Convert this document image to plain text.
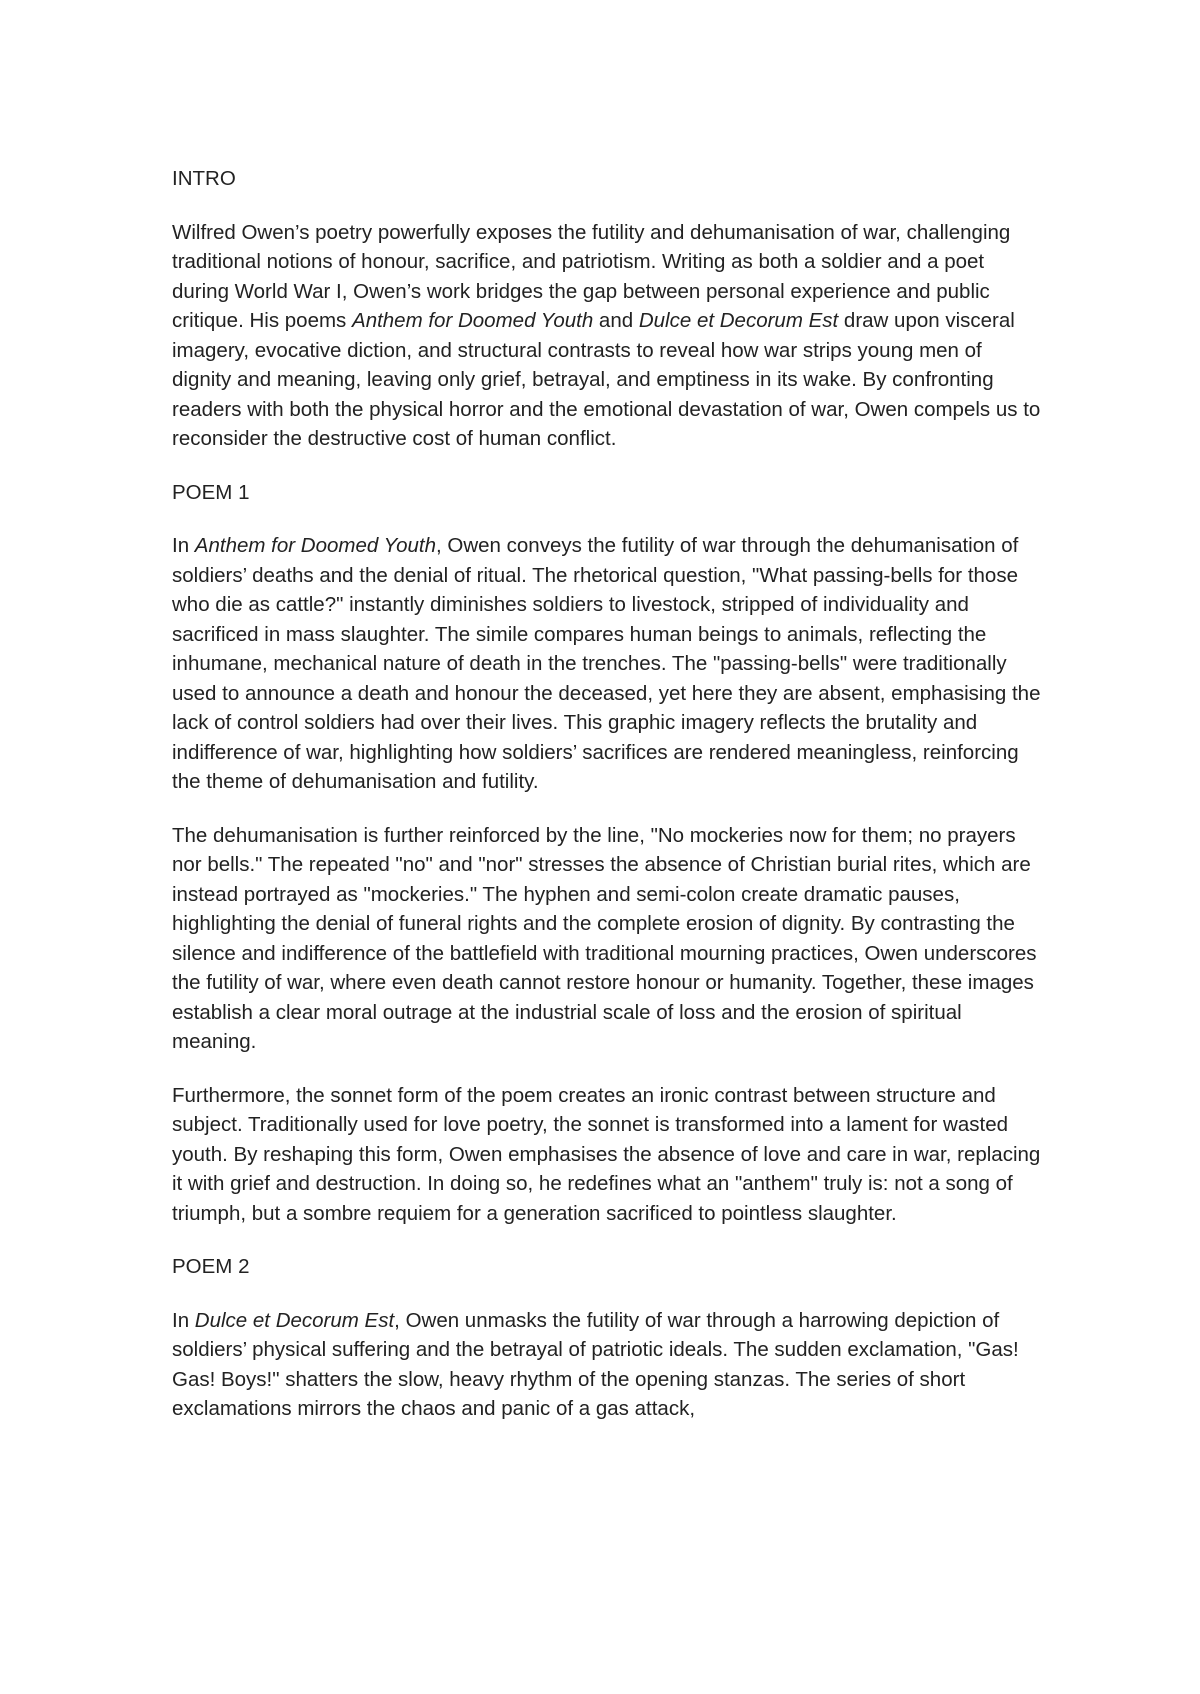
INTRO

Wilfred Owen’s poetry powerfully exposes the futility and dehumanisation of war, challenging traditional notions of honour, sacrifice, and patriotism. Writing as both a soldier and a poet during World War I, Owen’s work bridges the gap between personal experience and public critique. His poems Anthem for Doomed Youth and Dulce et Decorum Est draw upon visceral imagery, evocative diction, and structural contrasts to reveal how war strips young men of dignity and meaning, leaving only grief, betrayal, and emptiness in its wake. By confronting readers with both the physical horror and the emotional devastation of war, Owen compels us to reconsider the destructive cost of human conflict.

POEM 1

In Anthem for Doomed Youth, Owen conveys the futility of war through the dehumanisation of soldiers’ deaths and the denial of ritual. The rhetorical question, "What passing-bells for those who die as cattle?" instantly diminishes soldiers to livestock, stripped of individuality and sacrificed in mass slaughter. The simile compares human beings to animals, reflecting the inhumane, mechanical nature of death in the trenches. The "passing-bells" were traditionally used to announce a death and honour the deceased, yet here they are absent, emphasising the lack of control soldiers had over their lives. This graphic imagery reflects the brutality and indifference of war, highlighting how soldiers’ sacrifices are rendered meaningless, reinforcing the theme of dehumanisation and futility.

The dehumanisation is further reinforced by the line, "No mockeries now for them; no prayers nor bells." The repeated "no" and "nor" stresses the absence of Christian burial rites, which are instead portrayed as "mockeries." The hyphen and semi-colon create dramatic pauses, highlighting the denial of funeral rights and the complete erosion of dignity. By contrasting the silence and indifference of the battlefield with traditional mourning practices, Owen underscores the futility of war, where even death cannot restore honour or humanity. Together, these images establish a clear moral outrage at the industrial scale of loss and the erosion of spiritual meaning.

Furthermore, the sonnet form of the poem creates an ironic contrast between structure and subject. Traditionally used for love poetry, the sonnet is transformed into a lament for wasted youth. By reshaping this form, Owen emphasises the absence of love and care in war, replacing it with grief and destruction. In doing so, he redefines what an "anthem" truly is: not a song of triumph, but a sombre requiem for a generation sacrificed to pointless slaughter.

POEM 2

In Dulce et Decorum Est, Owen unmasks the futility of war through a harrowing depiction of soldiers’ physical suffering and the betrayal of patriotic ideals. The sudden exclamation, "Gas! Gas! Boys!" shatters the slow, heavy rhythm of the opening stanzas. The series of short exclamations mirrors the chaos and panic of a gas attack,
